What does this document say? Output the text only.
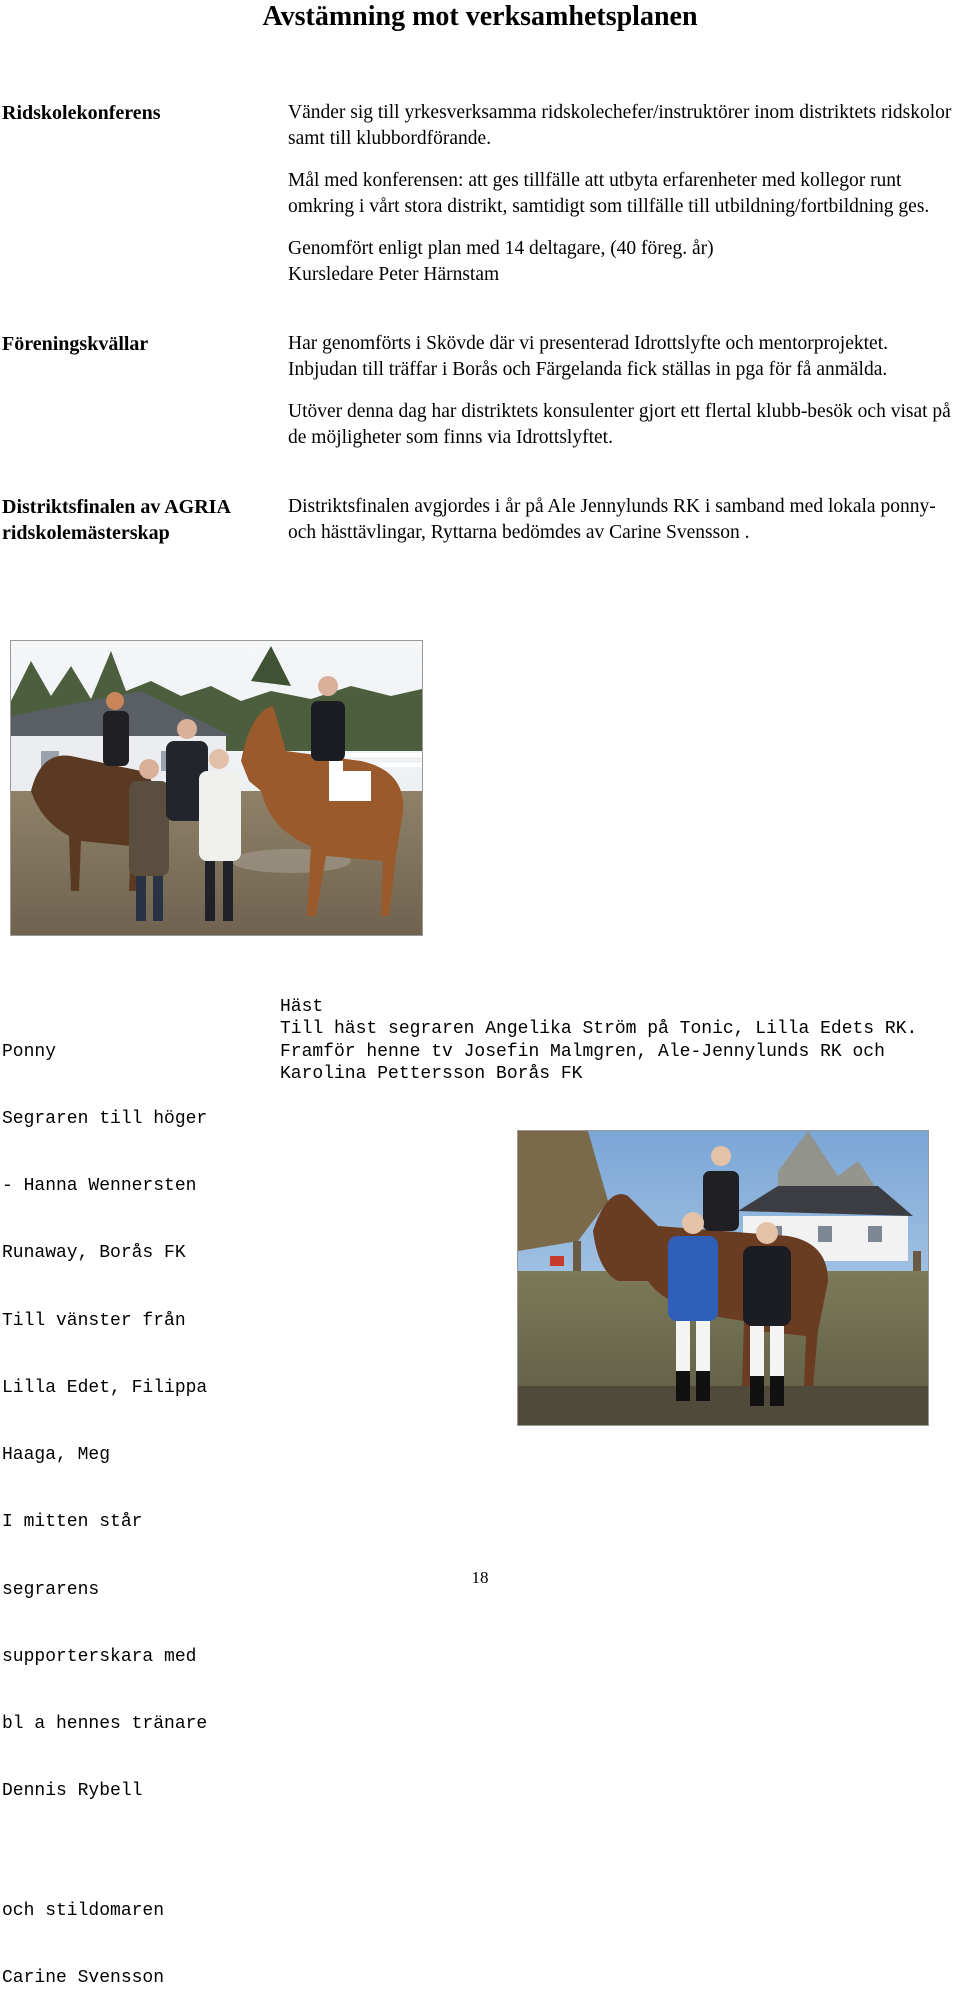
Avstämning mot verksamhetsplanen
Ridskolekonferens	Vänder sig till yrkesverksamma ridskolechefer/instruktörer inom distriktets ridskolor samt till klubbordförande.

Mål med konferensen: att ges tillfälle att utbyta erfarenheter med kollegor runt omkring i vårt stora distrikt, samtidigt som tillfälle till utbildning/fortbildning ges.

Genomfört enligt plan med 14 deltagare, (40 föreg. år)

Kursledare Peter Härnstam

Föreningskvällar	Har genomförts i Skövde där vi presenterad Idrottslyfte och mentorprojektet. Inbjudan till träffar i Borås och Färgelanda fick ställas in pga för få anmälda.

Utöver denna dag har distriktets konsulenter gjort ett flertal klubb-besök och visat på de möjligheter som finns via Idrottslyftet.

Distriktsfinalen av AGRIA
ridskolemästerskap

Distriktsfinalen avgjordes i år på Ale Jennylunds RK i samband med lokala ponny- och hästtävlingar, Ryttarna bedömdes av Carine Svensson .

Ponny

Segraren till höger

- Hanna Wennersten

Runaway, Borås FK

Till vänster från

Lilla Edet, Filippa

Haaga, Meg

I mitten står

segrarens

supporterskara med

bl a hennes tränare

Dennis Rybell

och stildomaren

Carine Svensson

Häst
Till häst segraren Angelika Ström på Tonic, Lilla Edets RK. Framför henne tv Josefin Malmgren, Ale-Jennylunds RK och Karolina Pettersson Borås FK
18
